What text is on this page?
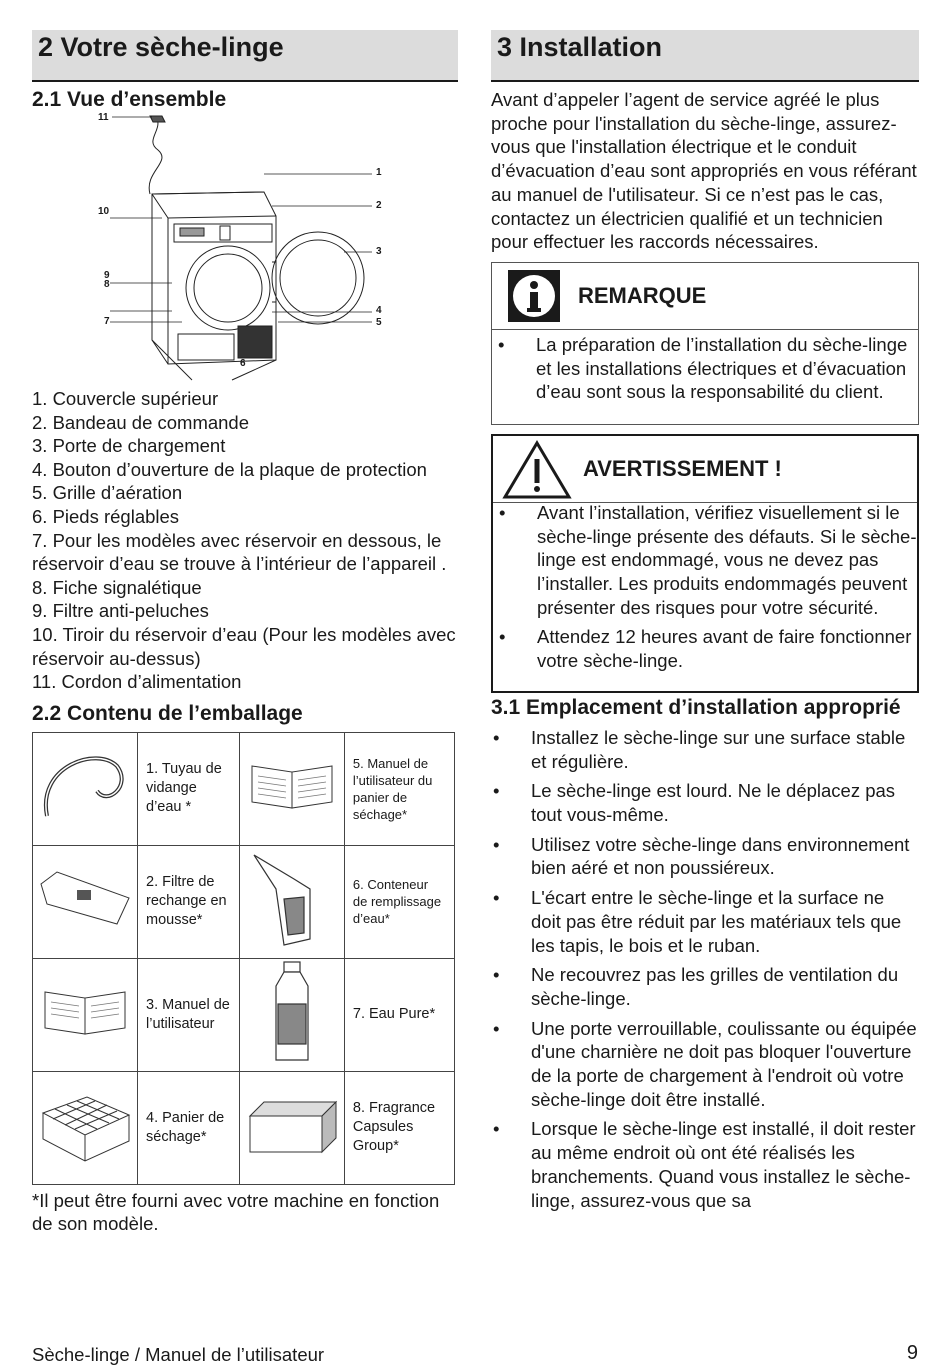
2 Votre sèche-linge
2.1 Vue d’ensemble
11
1
2
10
3
9
8
4
7	5
6
1. Couvercle supérieur
2. Bandeau de commande
3. Porte de chargement
4. Bouton d’ouverture de la plaque de protection
5. Grille d’aération
6. Pieds réglables
7. Pour les modèles avec réservoir en dessous, le réservoir d’eau se trouve à l’intérieur de l’appareil .
8. Fiche signalétique
9. Filtre anti-peluches
10. Tiroir du réservoir d’eau (Pour les modèles avec réservoir au-dessus)
11. Cordon d’alimentation
2.2 Contenu de l’emballage
	1. Tuyau de vidange d’eau *		5. Manuel de l’utilisateur du panier de séchage*
	2. Filtre de rechange en mousse*		6. Conteneur de remplissage d’eau*
	3. Manuel de l’utilisateur		7. Eau Pure*
	4. Panier de séchage*		8. Fragrance Capsules Group*

*Il peut être fourni avec votre machine en fonction de son modèle.

3 Installation

Avant d’appeler l’agent de service agréé le plus proche pour l'installation du sèche-linge, assurez-vous que l'installation électrique et le conduit d’évacuation d’eau sont appropriés en vous référant au manuel de l'utilisateur. Si ce n’est pas le cas, contactez un électricien qualifié et un technicien pour effectuer les raccords nécessaires.

REMARQUE
•	La préparation de l’installation du sèche-linge et les installations électriques et d’évacuation d’eau sont sous la responsabilité du client.
AVERTISSEMENT !
•	Avant l’installation, vérifiez visuellement si le sèche-linge présente des défauts. Si le sèche-linge est endommagé, vous ne devez pas l’installer. Les produits endommagés peuvent présenter des risques pour votre sécurité.
•	Attendez 12 heures avant de faire fonctionner votre sèche-linge.
3.1 Emplacement d’installation approprié
•	Installez le sèche-linge sur une surface stable et régulière.
•	Le sèche-linge est lourd. Ne le déplacez pas tout vous-même.
•	Utilisez votre sèche-linge dans environnement bien aéré et non poussiéreux.
•	L'écart entre le sèche-linge et la surface ne doit pas être réduit par les matériaux tels que les tapis, le bois et le ruban.
•	Ne recouvrez pas les grilles de ventilation du sèche-linge.
•	Une porte verrouillable, coulissante ou équipée d'une charnière ne doit pas bloquer l'ouverture de la porte de chargement à l'endroit où votre sèche-linge doit être installé.
•	Lorsque le sèche-linge est installé, il doit rester au même endroit où ont été réalisés les branchements. Quand vous installez le sèche-linge, assurez-vous que sa
Sèche-linge / Manuel de l’utilisateur	9
